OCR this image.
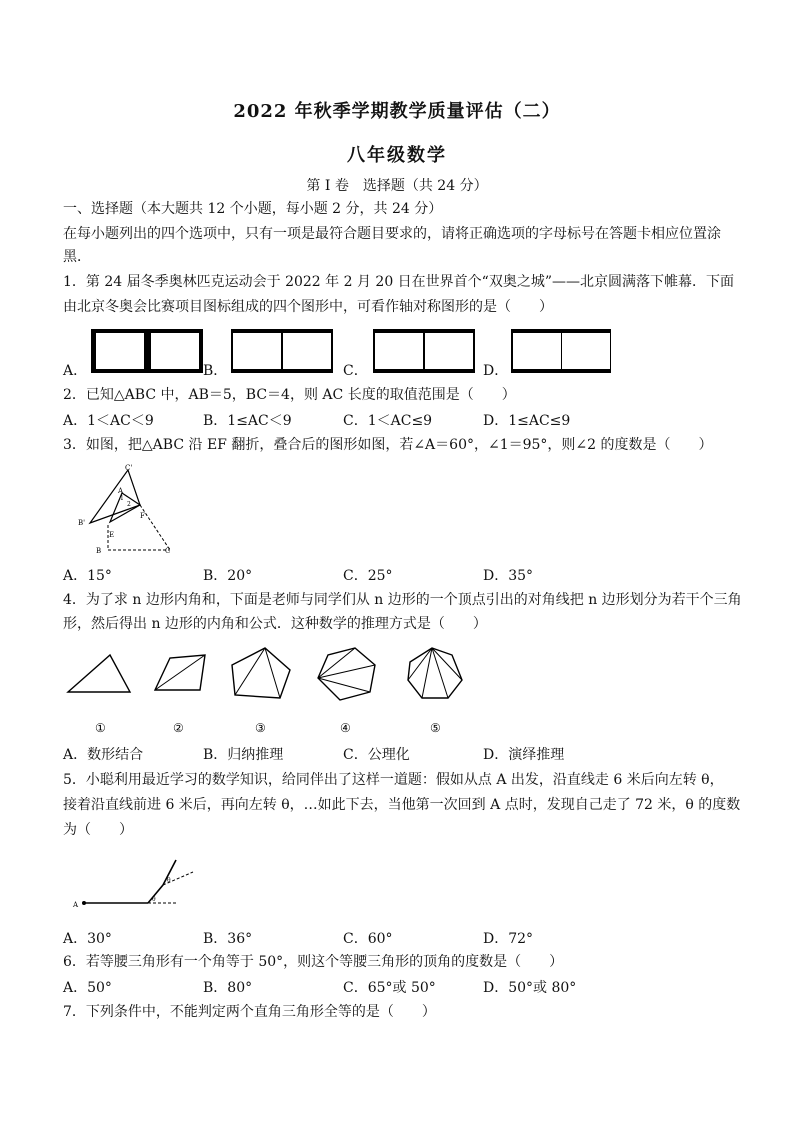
2022 年秋季学期教学质量评估（二）
八年级数学
第 I 卷　选择题（共 24 分）
一、选择题（本大题共 12 个小题，每小题 2 分，共 24 分）
在每小题列出的四个选项中，只有一项是最符合题目要求的，请将正确选项的字母标号在答题卡相应位置涂
黑．
1．第 24 届冬季奥林匹克运动会于 2022 年 2 月 20 日在世界首个“双奥之城”——北京圆满落下帷幕．下面
由北京冬奥会比赛项目图标组成的四个图形中，可看作轴对称图形的是（　　）
A．	B．	C．	D．
2．已知△ABC 中，AB＝5，BC＝4，则 AC 长度的取值范围是（　　）
A．1＜AC＜9	B．1≤AC＜9	C．1＜AC≤9	D．1≤AC≤9
3．如图，把△ABC 沿 EF 翻折，叠合后的图形如图，若∠A＝60°，∠1＝95°，则∠2 的度数是（　　）
C'
A
1
2
B'
F
E
B	C
A．15°	B．20°	C．25°	D．35°
4．为了求 n 边形内角和，下面是老师与同学们从 n 边形的一个顶点引出的对角线把 n 边形划分为若干个三角
形，然后得出 n 边形的内角和公式．这种数学的推理方式是（　　）
①	②	③	④	⑤
A．数形结合	B．归纳推理	C．公理化	D．演绎推理
5．小聪利用最近学习的数学知识，给同伴出了这样一道题：假如从点 A 出发，沿直线走 6 米后向左转 θ，
接着沿直线前进 6 米后，再向左转 θ，…如此下去，当他第一次回到 A 点时，发现自己走了 72 米，θ 的度数
为（　　）
A
θ
θ
A．30°	B．36°	C．60°	D．72°
6．若等腰三角形有一个角等于 50°，则这个等腰三角形的顶角的度数是（　　）
A．50°	B．80°	C．65°或 50°	D．50°或 80°
7．下列条件中，不能判定两个直角三角形全等的是（　　）
